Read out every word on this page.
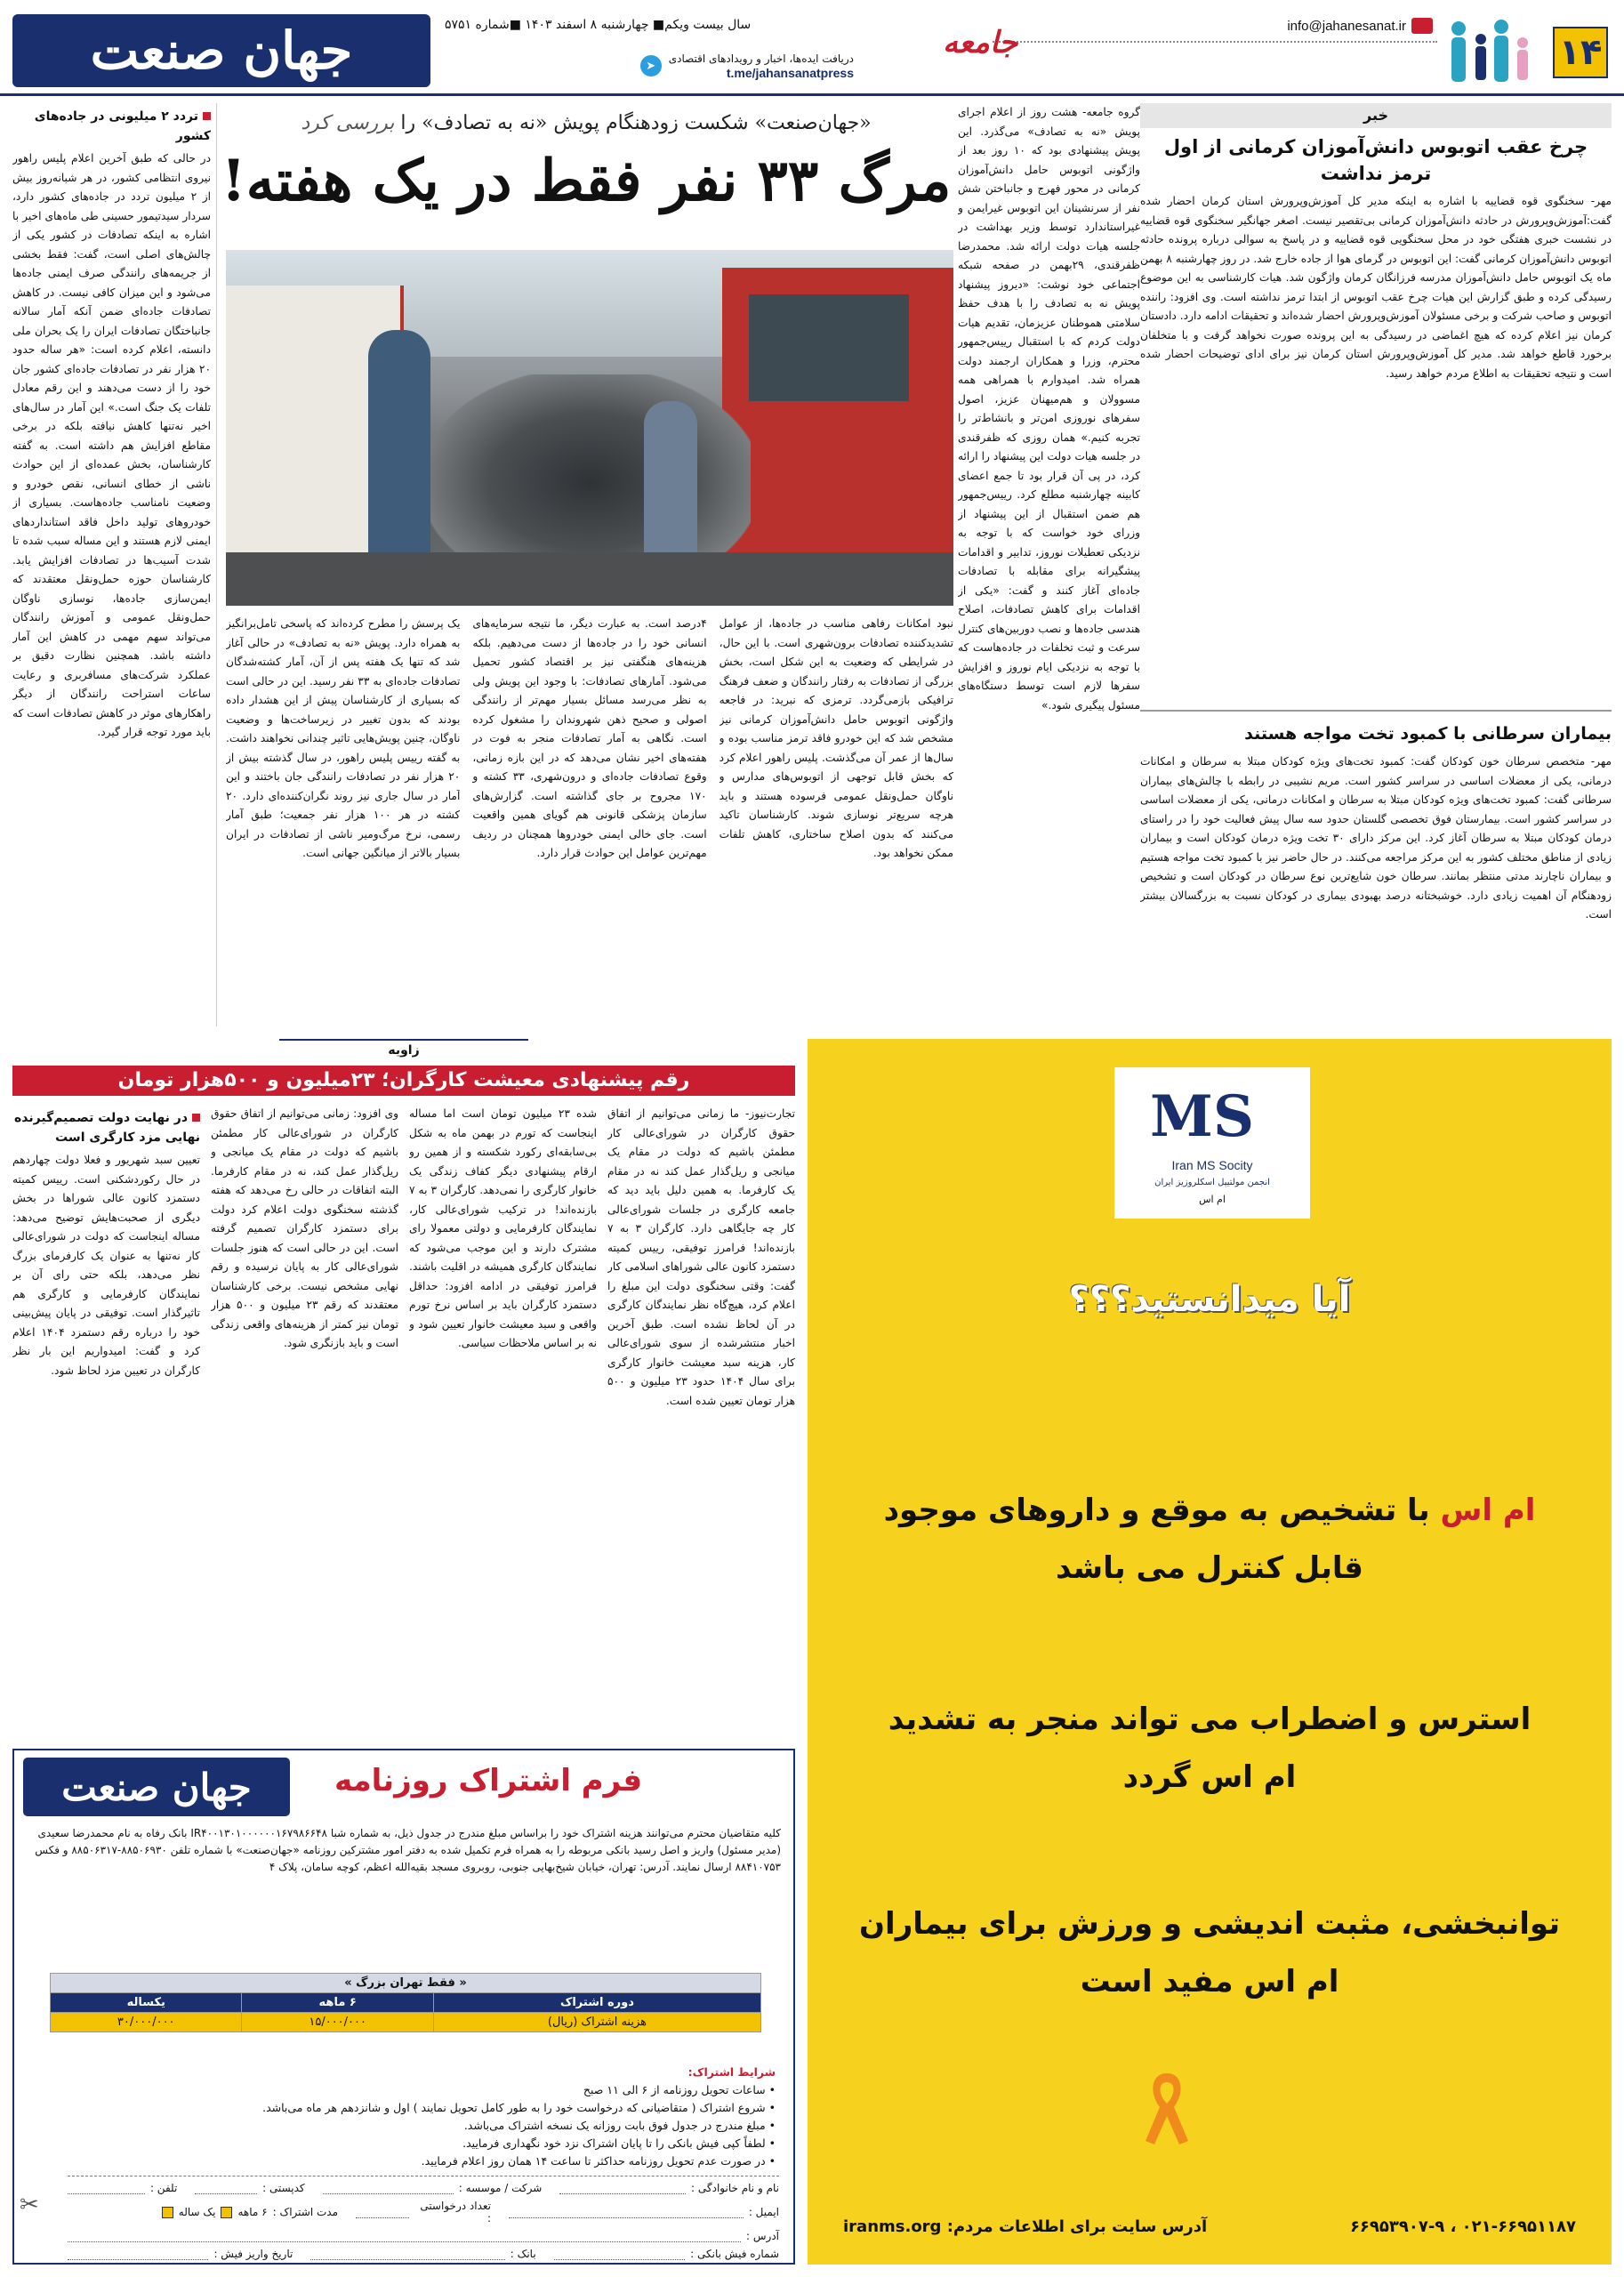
۱۴
info@jahanesanat.ir
جامعه
سال بیست ویکم■ چهارشنبه ۸ اسفند ۱۴۰۳ ■شماره ۵۷۵۱
➤
دریافت ایده‌ها، اخبار و رویدادهای اقتصادی
t.me/jahansanatpress
جهان صنعت
خبر
چرخ عقب اتوبوس دانش‌آموزان کرمانی از اول ترمز نداشت
مهر- سخنگوی قوه قضاییه با اشاره به اینکه مدیر کل آموزش‌وپرورش استان کرمان احضار شده گفت:آموزش‌وپرورش در حادثه دانش‌آموزان کرمانی بی‌تقصیر نیست. اصغر جهانگیر سخنگوی قوه قضاییه در نشست خبری هفتگی خود در محل سخنگویی قوه قضاییه و در پاسخ به سوالی درباره پرونده حادثه اتوبوس دانش‌آموزان کرمانی گفت: این اتوبوس در گرمای هوا از جاده خارج شد. در روز چهارشنبه ۸ بهمن ماه یک اتوبوس حامل دانش‌آموزان مدرسه فرزانگان کرمان واژگون شد. هیات کارشناسی به این موضوع رسیدگی کرده و طبق گزارش این هیات چرخ عقب اتوبوس از ابتدا ترمز نداشته است. وی افزود: راننده اتوبوس و صاحب شرکت و برخی مسئولان آموزش‌وپرورش احضار شده‌اند و تحقیقات ادامه دارد. دادستان کرمان نیز اعلام کرده که هیچ اغماضی در رسیدگی به این پرونده صورت نخواهد گرفت و با متخلفان برخورد قاطع خواهد شد. مدیر کل آموزش‌وپرورش استان کرمان نیز برای ادای توضیحات احضار شده است و نتیجه تحقیقات به اطلاع مردم خواهد رسید.
بیماران سرطانی با کمبود تخت مواجه هستند
مهر- متخصص سرطان خون کودکان گفت: کمبود تخت‌های ویژه کودکان مبتلا به سرطان و امکانات درمانی، یکی از معضلات اساسی در سراسر کشور است. مریم نشیبی در رابطه با چالش‌های بیماران سرطانی گفت: کمبود تخت‌های ویژه کودکان مبتلا به سرطان و امکانات درمانی، یکی از معضلات اساسی در سراسر کشور است. بیمارستان فوق تخصصی گلستان حدود سه سال پیش فعالیت خود را در راستای درمان کودکان مبتلا به سرطان آغاز کرد. این مرکز دارای ۳۰ تخت ویژه درمان کودکان است و بیماران زیادی از مناطق مختلف کشور به این مرکز مراجعه می‌کنند. در حال حاضر نیز با کمبود تخت مواجه هستیم و بیماران ناچارند مدتی منتظر بمانند. سرطان خون شایع‌ترین نوع سرطان در کودکان است و تشخیص زودهنگام آن اهمیت زیادی دارد. خوشبختانه درصد بهبودی بیماری در کودکان نسبت به بزرگسالان بیشتر است.
گروه جامعه- هشت روز از اعلام اجرای پویش «نه به تصادف» می‌گذرد. این پویش پیشنهادی بود که ۱۰ روز بعد از واژگونی اتوبوس حامل دانش‌آموزان کرمانی در محور فهرج و جانباختن شش نفر از سرنشینان این اتوبوس غیرایمن و غیراستاندارد توسط وزیر بهداشت در جلسه هیات دولت ارائه شد. محمدرضا ظفرقندی، ۲۹بهمن در صفحه شبکه اجتماعی خود نوشت: «دیروز پیشنهاد پویش نه به تصادف را با هدف حفظ سلامتی هموطنان عزیزمان، تقدیم هیات دولت کردم که با استقبال رییس‌جمهور محترم، وزرا و همکاران ارجمند دولت همراه شد. امیدوارم با همراهی همه مسوولان و هم‌میهنان عزیز، اصول سفرهای نوروزی امن‌تر و بانشاط‌تر را تجربه کنیم.» همان روزی که ظفرقندی در جلسه هیات دولت این پیشنهاد را ارائه کرد، در پی آن قرار بود تا جمع اعضای کابینه چهارشنبه مطلع کرد. رییس‌جمهور هم ضمن استقبال از این پیشنهاد از وزرای خود خواست که با توجه به نزدیکی تعطیلات نوروز، تدابیر و اقدامات پیشگیرانه برای مقابله با تصادفات جاده‌ای آغاز کنند و گفت: «یکی از اقدامات برای کاهش تصادفات، اصلاح هندسی جاده‌ها و نصب دوربین‌های کنترل سرعت و ثبت تخلفات در جاده‌هاست که با توجه به نزدیکی ایام نوروز و افزایش سفرها لازم است توسط دستگاه‌های مسئول پیگیری شود.»
«جهان‌صنعت» شکست زودهنگام پویش «نه به تصادف» را بررسی کرد
مرگ ۳۳ نفر فقط در یک هفته!
نبود امکانات رفاهی مناسب در جاده‌ها، از عوامل تشدیدکننده تصادفات برون‌شهری است. با این حال، در شرایطی که وضعیت به این شکل است، بخش بزرگی از تصادفات به رفتار رانندگان و ضعف فرهنگ ترافیکی بازمی‌گردد. ترمزی که نبرید: در فاجعه واژگونی اتوبوس حامل دانش‌آموزان کرمانی نیز مشخص شد که این خودرو فاقد ترمز مناسب بوده و سال‌ها از عمر آن می‌گذشت. پلیس راهور اعلام کرد که بخش قابل توجهی از اتوبوس‌های مدارس و ناوگان حمل‌ونقل عمومی فرسوده هستند و باید هرچه سریع‌تر نوسازی شوند. کارشناسان تاکید می‌کنند که بدون اصلاح ساختاری، کاهش تلفات ممکن نخواهد بود.
۴درصد است. به عبارت دیگر، ما نتیجه سرمایه‌های انسانی خود را در جاده‌ها از دست می‌دهیم. بلکه هزینه‌های هنگفتی نیز بر اقتصاد کشور تحمیل می‌شود. آمارهای تصادفات: با وجود این پویش ولی به نظر می‌رسد مسائل بسیار مهم‌تر از رانندگی اصولی و صحیح ذهن شهروندان را مشغول کرده است. نگاهی به آمار تصادفات منجر به فوت در هفته‌های اخیر نشان می‌دهد که در این بازه زمانی، وقوع تصادفات جاده‌ای و درون‌شهری، ۳۳ کشته و ۱۷۰ مجروح بر جای گذاشته است. گزارش‌های سازمان پزشکی قانونی هم گویای همین واقعیت است. جای خالی ایمنی خودروها همچنان در ردیف مهم‌ترین عوامل این حوادث قرار دارد.
یک پرسش را مطرح کرده‌اند که پاسخی تامل‌برانگیز به همراه دارد. پویش «نه به تصادف» در حالی آغاز شد که تنها یک هفته پس از آن، آمار کشته‌شدگان تصادفات جاده‌ای به ۳۳ نفر رسید. این در حالی است که بسیاری از کارشناسان پیش از این هشدار داده بودند که بدون تغییر در زیرساخت‌ها و وضعیت ناوگان، چنین پویش‌هایی تاثیر چندانی نخواهند داشت. به گفته رییس پلیس راهور، در سال گذشته بیش از ۲۰ هزار نفر در تصادفات رانندگی جان باختند و این آمار در سال جاری نیز روند نگران‌کننده‌ای دارد. ۲۰ کشته در هر ۱۰۰ هزار نفر جمعیت؛ طبق آمار رسمی، نرخ مرگ‌ومیر ناشی از تصادفات در ایران بسیار بالاتر از میانگین جهانی است.
تردد ۲ میلیونی در جاده‌های کشور
در حالی که طبق آخرین اعلام پلیس راهور نیروی انتظامی کشور، در هر شبانه‌روز بیش از ۲ میلیون تردد در جاده‌های کشور دارد، سردار سیدتیمور حسینی طی ماه‌های اخیر با اشاره به اینکه تصادفات در کشور یکی از چالش‌های اصلی است، گفت: فقط بخشی از جریمه‌های رانندگی صرف ایمنی جاده‌ها می‌شود و این میزان کافی نیست. در کاهش تصادفات جاده‌ای ضمن آنکه آمار سالانه جانباختگان تصادفات ایران را یک بحران ملی دانسته، اعلام کرده است: «هر ساله حدود ۲۰ هزار نفر در تصادفات جاده‌ای کشور جان خود را از دست می‌دهند و این رقم معادل تلفات یک جنگ است.» این آمار در سال‌های اخیر نه‌تنها کاهش نیافته بلکه در برخی مقاطع افزایش هم داشته است. به گفته کارشناسان، بخش عمده‌ای از این حوادث ناشی از خطای انسانی، نقص خودرو و وضعیت نامناسب جاده‌هاست. بسیاری از خودروهای تولید داخل فاقد استانداردهای ایمنی لازم هستند و این مساله سبب شده تا شدت آسیب‌ها در تصادفات افزایش یابد. کارشناسان حوزه حمل‌ونقل معتقدند که ایمن‌سازی جاده‌ها، نوسازی ناوگان حمل‌ونقل عمومی و آموزش رانندگان می‌تواند سهم مهمی در کاهش این آمار داشته باشد. همچنین نظارت دقیق بر عملکرد شرکت‌های مسافربری و رعایت ساعات استراحت رانندگان از دیگر راهکارهای موثر در کاهش تصادفات است که باید مورد توجه قرار گیرد.
زاویه
رقم پیشنهادی معیشت کارگران؛ ۲۳میلیون و ۵۰۰هزار تومان
تجارت‌نیوز- ما زمانی می‌توانیم از اتفاق حقوق کارگران در شورای‌عالی کار مطمئن باشیم که دولت در مقام یک میانجی و ریل‌گذار عمل کند نه در مقام یک کارفرما. به همین دلیل باید دید که جامعه کارگری در جلسات شورای‌عالی کار چه جایگاهی دارد. کارگران ۳ به ۷ بازنده‌اند! فرامرز توفیقی، رییس کمیته دستمزد کانون عالی شوراهای اسلامی کار گفت: وقتی سخنگوی دولت این مبلغ را اعلام کرد، هیچ‌گاه نظر نمایندگان کارگری در آن لحاظ نشده است. طبق آخرین اخبار منتشرشده از سوی شورای‌عالی کار، هزینه سبد معیشت خانوار کارگری برای سال ۱۴۰۴ حدود ۲۳ میلیون و ۵۰۰ هزار تومان تعیین شده است.
شده ۲۳ میلیون تومان است اما مساله اینجاست که تورم در بهمن ماه به شکل بی‌سابقه‌ای رکورد شکسته و از همین رو ارقام پیشنهادی دیگر کفاف زندگی یک خانوار کارگری را نمی‌دهد. کارگران ۳ به ۷ بازنده‌اند! در ترکیب شورای‌عالی کار، نمایندگان کارفرمایی و دولتی معمولا رای مشترک دارند و این موجب می‌شود که نمایندگان کارگری همیشه در اقلیت باشند. فرامرز توفیقی در ادامه افزود: حداقل دستمزد کارگران باید بر اساس نرخ تورم واقعی و سبد معیشت خانوار تعیین شود و نه بر اساس ملاحظات سیاسی.
وی افزود: زمانی می‌توانیم از اتفاق حقوق کارگران در شورای‌عالی کار مطمئن باشیم که دولت در مقام یک میانجی و ریل‌گذار عمل کند، نه در مقام کارفرما. البته اتفاقات در حالی رخ می‌دهد که هفته گذشته سخنگوی دولت اعلام کرد دولت برای دستمزد کارگران تصمیم گرفته است. این در حالی است که هنوز جلسات شورای‌عالی کار به پایان نرسیده و رقم نهایی مشخص نیست. برخی کارشناسان معتقدند که رقم ۲۳ میلیون و ۵۰۰ هزار تومان نیز کمتر از هزینه‌های واقعی زندگی است و باید بازنگری شود.
در نهایت دولت تصمیم‌گیرنده نهایی مزد کارگری است
تعیین سبد شهریور و فعلا دولت چهاردهم در حال رکوردشکنی است. رییس کمیته دستمزد کانون عالی شوراها در بخش دیگری از صحبت‌هایش توضیح می‌دهد: مساله اینجاست که دولت در شورای‌عالی کار نه‌تنها به عنوان یک کارفرمای بزرگ نظر می‌دهد، بلکه حتی رای آن بر نمایندگان کارفرمایی و کارگری هم تاثیرگذار است. توفیقی در پایان پیش‌بینی خود را درباره رقم دستمزد ۱۴۰۴ اعلام کرد و گفت: امیدواریم این بار نظر کارگران در تعیین مزد لحاظ شود.
جهان صنعت	فرم اشتراک روزنامه
کلیه متقاضیان محترم می‌توانند هزینه اشتراک خود را براساس مبلغ مندرج در جدول ذیل، به شماره شبا IR۴۰۰۱۳۰۱۰۰۰۰۰۰۱۶۷۹۸۶۶۴۸ بانک رفاه به نام محمدرضا سعیدی (مدیر مسئول) واریز و اصل رسید بانکی مربوطه را به همراه فرم تکمیل شده به دفتر امور مشترکین روزنامه «جهان‌صنعت» با شماره تلفن ۸۸۵۰۶۹۳۰-۸۸۵۰۶۳۱۷ و فکس ۸۸۴۱۰۷۵۳ ارسال نمایند. آدرس: تهران، خیابان شیخ‌بهایی جنوبی، روبروی مسجد بقیه‌الله اعظم، کوچه سامان، پلاک ۴
« فقط تهران بزرگ »		
دوره اشتراک	۶ ماهه	یکساله
هزینه اشتراک (ریال)	۱۵/۰۰۰/۰۰۰	۳۰/۰۰۰/۰۰۰
شرایط اشتراک:
• ساعات تحویل روزنامه از ۶ الی ۱۱ صبح
• شروع اشتراک ( متقاضیانی که درخواست خود را به طور کامل تحویل نمایند ) اول و شانزدهم هر ماه می‌باشد.
• مبلغ مندرج در جدول فوق بابت روزانه یک نسخه اشتراک می‌باشد.
• لطفاً کپی فیش بانکی را تا پایان اشتراک نزد خود نگهداری فرمایید.
• در صورت عدم تحویل روزنامه حداکثر تا ساعت ۱۴ همان روز اعلام فرمایید.
نام و نام خانوادگی :
شرکت / موسسه :
کدپستی :
تلفن :
ایمیل :
تعداد درخواستی :
مدت اشتراک :
۶ ماهه
یک ساله
آدرس :
شماره فیش بانکی :
بانک :
تاریخ واریز فیش :
✂
MS
Iran MS Socity
انجمن مولتیپل اسکلروزیز ایران
ام اس
آیا میدانستید؟؟؟
ام اس با تشخیص به موقع و داروهای موجود
قابل کنترل می باشد
استرس و اضطراب می تواند منجر به تشدید
ام اس گردد
توانبخشی، مثبت اندیشی و ورزش برای بیماران
ام اس مفید است
۰۲۱-۶۶۹۵۱۱۸۷ ، ۶۶۹۵۳۹۰۷-۹
آدرس سایت برای اطلاعات مردم: iranms.org
